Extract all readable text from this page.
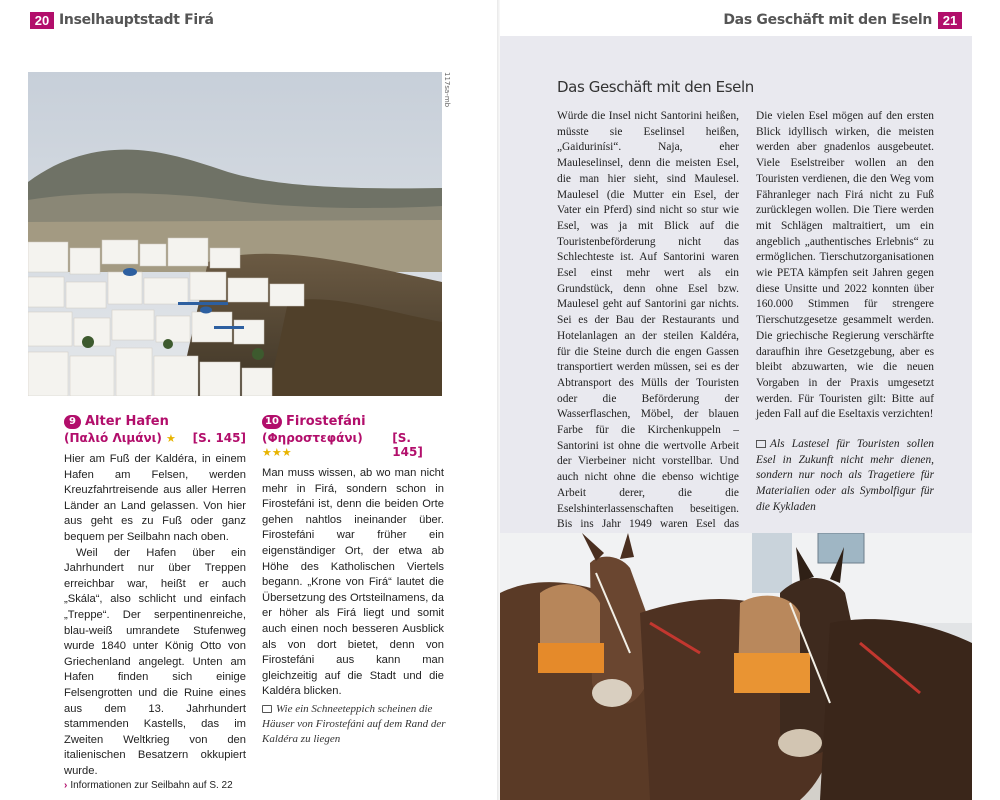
20 Inselhauptstadt Firá
117sa-mb
9 Alter Hafen
(Παλιό Λιμάνι) ★ [S. 145]

Hier am Fuß der Kaldéra, in einem Hafen am Felsen, werden Kreuzfahrtreisende aus aller Herren Länder an Land gelassen. Von hier aus geht es zu Fuß oder ganz bequem per Seilbahn nach oben.

Weil der Hafen über ein Jahrhundert nur über Treppen erreichbar war, heißt er auch „Skála“, also schlicht und einfach „Treppe“. Der serpentinenreiche, blau-weiß umrandete Stufenweg wurde 1840 unter König Otto von Griechenland angelegt. Unten am Hafen finden sich einige Felsengrotten und die Ruine eines aus dem 13. Jahrhundert stammenden Kastells, das im Zweiten Weltkrieg von den italienischen Besatzern okkupiert wurde.

› Informationen zur Seilbahn auf S. 22
10 Firostefáni
(Φηροστεφάνι) ★★★
[S. 145]

Man muss wissen, ab wo man nicht mehr in Firá, sondern schon in Firostefáni ist, denn die beiden Orte gehen nahtlos ineinander über. Firostefáni war früher ein eigenständiger Ort, der etwa ab Höhe des Katholischen Viertels begann. „Krone von Firá“ lautet die Übersetzung des Ortsteilnamens, da er höher als Firá liegt und somit auch einen noch besseren Ausblick als von dort bietet, denn von Firostefáni aus kann man gleichzeitig auf die Stadt und die Kaldéra blicken.

Wie ein Schneeteppich scheinen die Häuser von Firostefáni auf dem Rand der Kaldéra zu liegen
Das Geschäft mit den Eseln
Würde die Insel nicht Santorini heißen, müsste sie Eselinsel heißen, „Gaidurinísi“. Naja, eher Mauleselinsel, denn die meisten Esel, die man hier sieht, sind Maulesel. Maulesel (die Mutter ein Esel, der Vater ein Pferd) sind nicht so stur wie Esel, was ja mit Blick auf die Touristenbeförderung nicht das Schlechteste ist. Auf Santorini waren Esel einst mehr wert als ein Grundstück, denn ohne Esel bzw. Maulesel geht auf Santorini gar nichts. Sei es der Bau der Restaurants und Hotelanlagen an der steilen Kaldéra, für die Steine durch die engen Gassen transportiert werden müssen, sei es der Abtransport des Mülls der Touristen oder die Beförderung der Wasserflaschen, Möbel, der blauen Farbe für die Kirchenkuppeln – Santorini ist ohne die wertvolle Arbeit der Vierbeiner nicht vorstellbar. Und auch nicht ohne die ebenso wichtige Arbeit derer, die die Eselshinterlassenschaften beseitigen. Bis ins Jahr 1949 waren Esel das
Die vielen Esel mögen auf den ersten Blick idyllisch wirken, die meisten werden aber gnadenlos ausgebeutet. Viele Eselstreiber wollen an den Touristen verdienen, die den Weg vom Fähranleger nach Firá nicht zu Fuß zurücklegen wollen. Die Tiere werden mit Schlägen maltraitiert, um ein angeblich „authentisches Erlebnis“ zu ermöglichen. Tierschutzorganisationen wie PETA kämpfen seit Jahren gegen diese Unsitte und 2022 konnten über 160.000 Stimmen für strengere Tierschutzgesetze gesammelt werden. Die griechische Regierung verschärfte daraufhin ihre Gesetzgebung, aber es bleibt abzuwarten, wie die neuen Vorgaben in der Praxis umgesetzt werden. Für Touristen gilt: Bitte auf jeden Fall auf die Eseltaxis verzichten!
Als Lastesel für Touristen sollen Esel in Zukunft nicht mehr dienen, sondern nur noch als Tragetiere für Materialien oder als Symbolfigur für die Kykladen
Das Geschäft mit den Eseln 21
